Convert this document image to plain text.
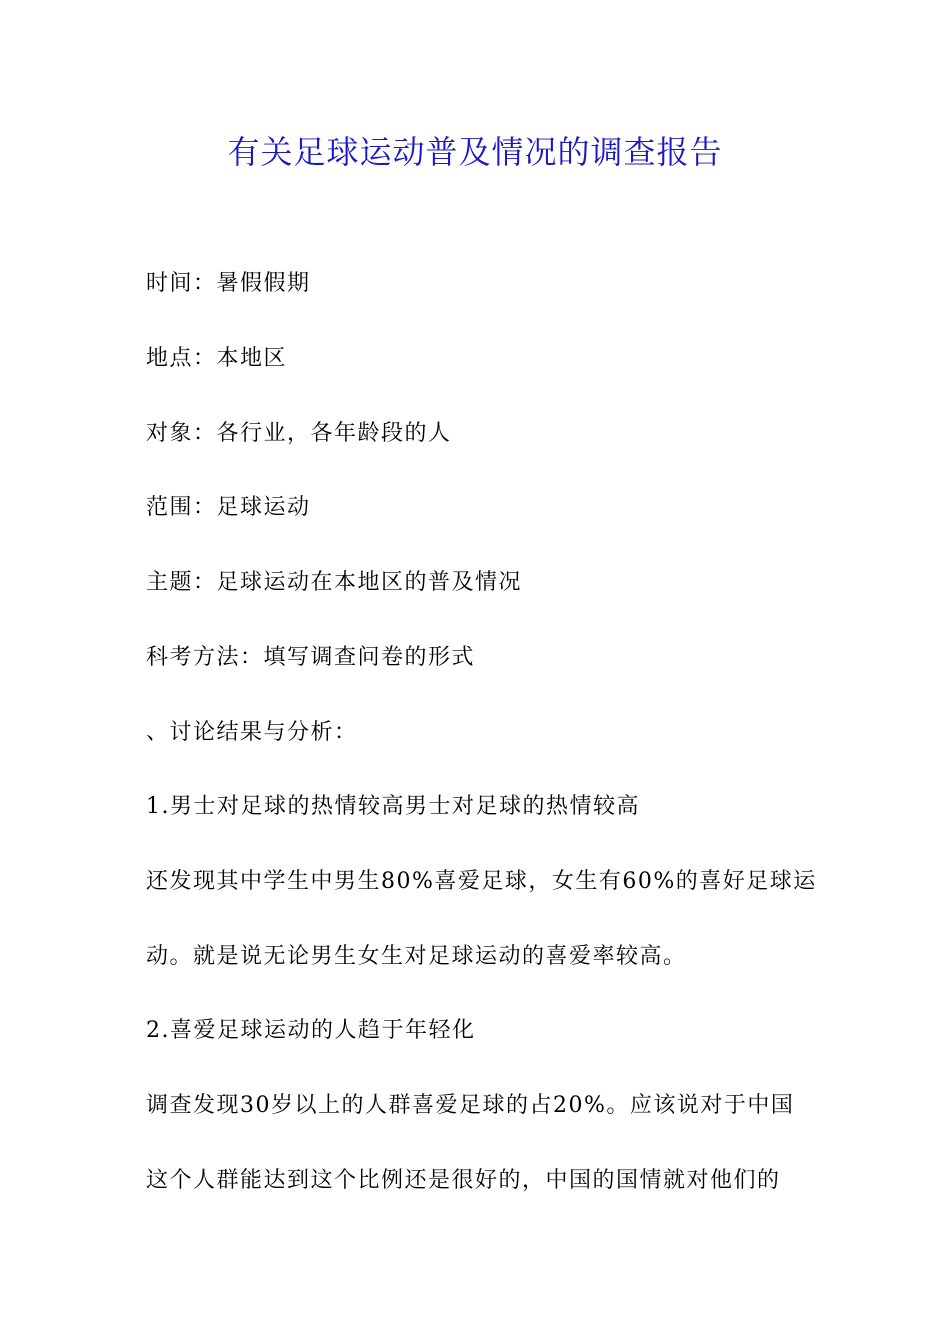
有关足球运动普及情况的调查报告

时间：暑假假期

地点：本地区

对象：各行业，各年龄段的人

范围：足球运动

主题：足球运动在本地区的普及情况

科考方法：填写调查问卷的形式

、讨论结果与分析：

1.男士对足球的热情较高男士对足球的热情较高

还发现其中学生中男生80%喜爱足球，女生有60%的喜好足球运

动。就是说无论男生女生对足球运动的喜爱率较高。

2.喜爱足球运动的人趋于年轻化

调查发现30岁以上的人群喜爱足球的占20%。应该说对于中国

这个人群能达到这个比例还是很好的，中国的国情就对他们的
